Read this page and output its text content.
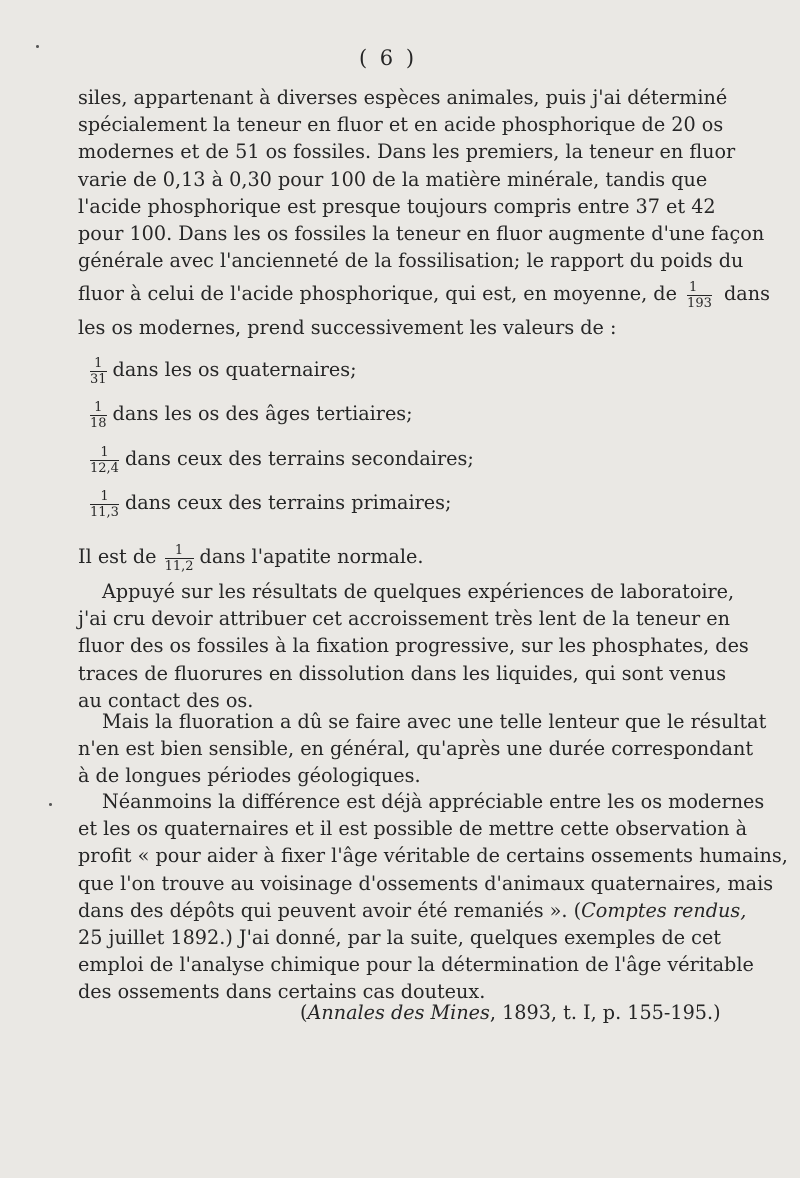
( 6 )
siles, appartenant à diverses espèces animales, puis j'ai déterminé
spécialement la teneur en fluor et en acide phosphorique de 20 os
modernes et de 51 os fossiles. Dans les premiers, la teneur en fluor
varie de 0,13 à 0,30 pour 100 de la matière minérale, tandis que
l'acide phosphorique est presque toujours compris entre 37 et 42
pour 100. Dans les os fossiles la teneur en fluor augmente d'une façon
générale avec l'ancienneté de la fossilisation; le rapport du poids du
fluor à celui de l'acide phosphorique, qui est, en moyenne, de $\frac{1}{193}$ dans
les os modernes, prend successivement les valeurs de :
$\frac{1}{31}$ dans les os quaternaires;
$\frac{1}{18}$ dans les os des âges tertiaires;
$\frac{1}{12,4}$ dans ceux des terrains secondaires;
$\frac{1}{11,3}$ dans ceux des terrains primaires;
Il est de $\frac{1}{11,2}$ dans l'apatite normale.
Appuyé sur les résultats de quelques expériences de laboratoire,
j'ai cru devoir attribuer cet accroissement très lent de la teneur en
fluor des os fossiles à la fixation progressive, sur les phosphates, des
traces de fluorures en dissolution dans les liquides, qui sont venus
au contact des os.
Mais la fluoration a dû se faire avec une telle lenteur que le résultat
n'en est bien sensible, en général, qu'après une durée correspondant
à de longues périodes géologiques.
Néanmoins la différence est déjà appréciable entre les os modernes
et les os quaternaires et il est possible de mettre cette observation à
profit « pour aider à fixer l'âge véritable de certains ossements humains,
que l'on trouve au voisinage d'ossements d'animaux quaternaires, mais
dans des dépôts qui peuvent avoir été remaniés ». (Comptes rendus,
25 juillet 1892.) J'ai donné, par la suite, quelques exemples de cet
emploi de l'analyse chimique pour la détermination de l'âge véritable
des ossements dans certains cas douteux.
(Annales des Mines, 1893, t. I, p. 155-195.)
